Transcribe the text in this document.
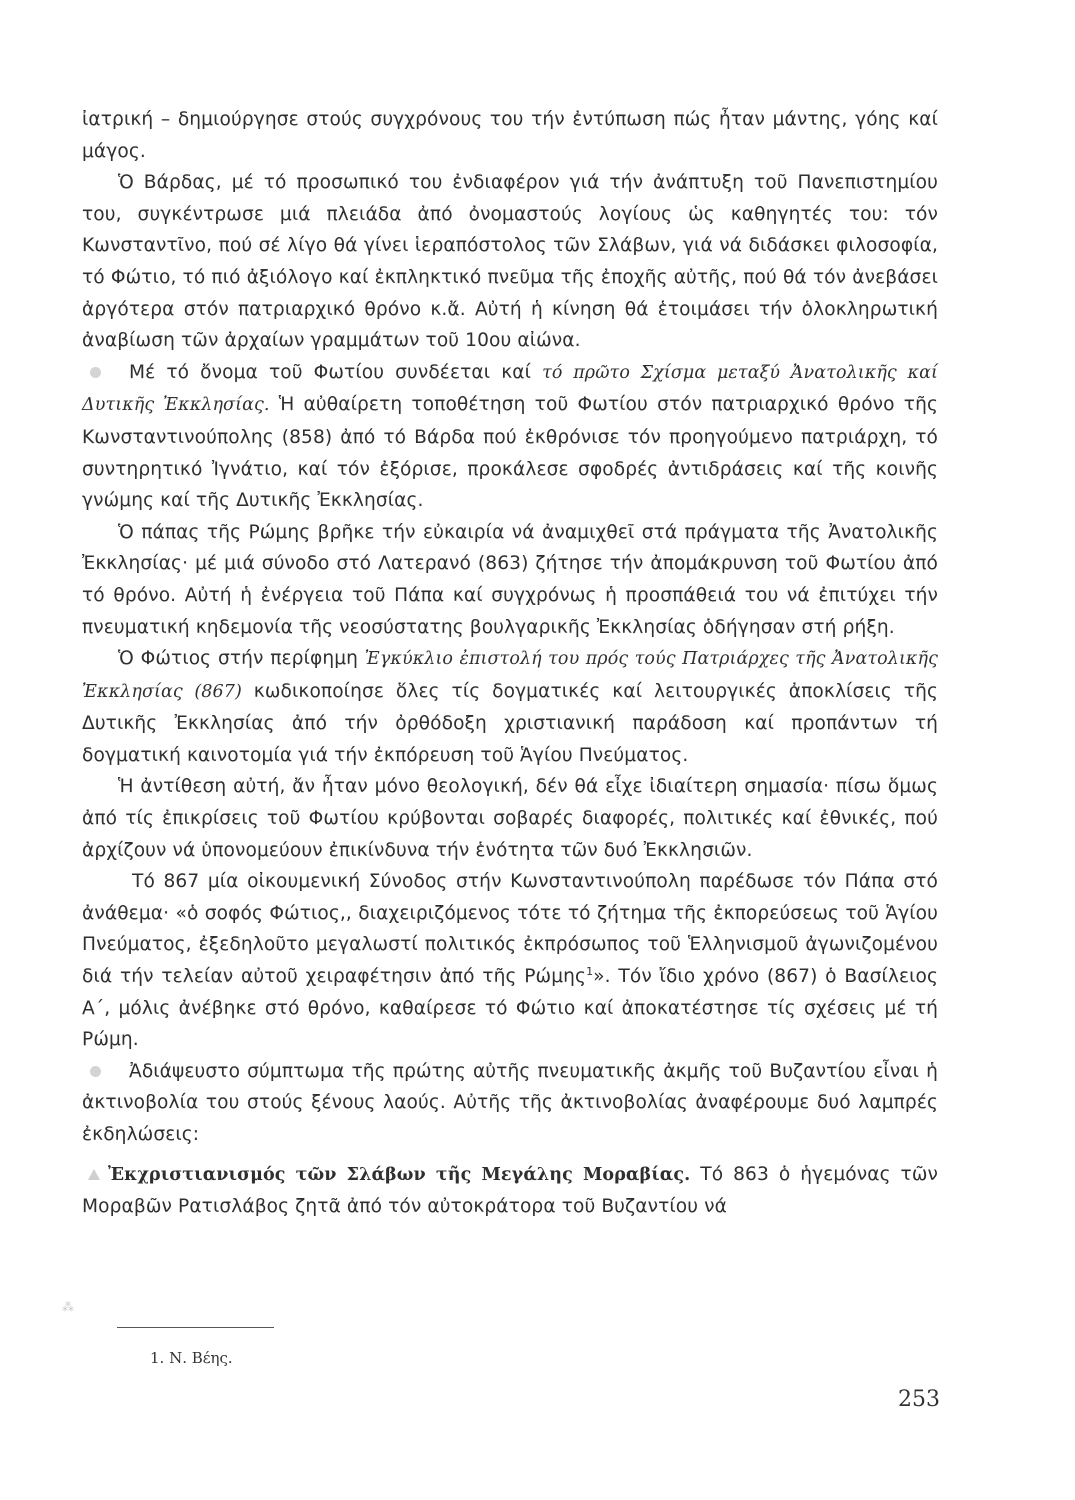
ἰατρική – δημιούργησε στούς συγχρόνους του τήν ἐντύπωση πώς ἦταν μάντης, γόης καί μάγος.

Ὁ Βάρδας, μέ τό προσωπικό του ἐνδιαφέρον γιά τήν ἀνάπτυξη τοῦ Πανεπιστημίου του, συγκέντρωσε μιά πλειάδα ἀπό ὀνομαστούς λογίους ὡς καθηγητές του: τόν Κωνσταντῖνο, πού σέ λίγο θά γίνει ἱεραπόστολος τῶν Σλάβων, γιά νά διδάσκει φιλοσοφία, τό Φώτιο, τό πιό ἀξιόλογο καί ἐκπληκτικό πνεῦμα τῆς ἐποχῆς αὐτῆς, πού θά τόν ἀνεβάσει ἀργότερα στόν πατριαρχικό θρόνο κ.ἄ. Αὐτή ἡ κίνηση θά ἑτοιμάσει τήν ὁλοκληρωτική ἀναβίωση τῶν ἀρχαίων γραμμάτων τοῦ 10ου αἰώνα.

Μέ τό ὄνομα τοῦ Φωτίου συνδέεται καί τό πρῶτο Σχίσμα μεταξύ Ἀνατολικῆς καί Δυτικῆς Ἐκκλησίας. Ἡ αὐθαίρετη τοποθέτηση τοῦ Φωτίου στόν πατριαρχικό θρόνο τῆς Κωνσταντινούπολης (858) ἀπό τό Βάρδα πού ἐκθρόνισε τόν προηγούμενο πατριάρχη, τό συντηρητικό Ἰγνάτιο, καί τόν ἐξόρισε, προκάλεσε σφοδρές ἀντιδράσεις καί τῆς κοινῆς γνώμης καί τῆς Δυτικῆς Ἐκκλησίας.

Ὁ πάπας τῆς Ρώμης βρῆκε τήν εὐκαιρία νά ἀναμιχθεῖ στά πράγματα τῆς Ἀνατολικῆς Ἐκκλησίας· μέ μιά σύνοδο στό Λατερανό (863) ζήτησε τήν ἀπομάκρυνση τοῦ Φωτίου ἀπό τό θρόνο. Αὐτή ἡ ἐνέργεια τοῦ Πάπα καί συγχρόνως ἡ προσπάθειά του νά ἐπιτύχει τήν πνευματική κηδεμονία τῆς νεοσύστατης βουλγαρικῆς Ἐκκλησίας ὁδήγησαν στή ρήξη.

Ὁ Φώτιος στήν περίφημη Ἐγκύκλιο ἐπιστολή του πρός τούς Πατριάρχες τῆς Ἀνατολικῆς Ἐκκλησίας (867) κωδικοποίησε ὅλες τίς δογματικές καί λειτουργικές ἀποκλίσεις τῆς Δυτικῆς Ἐκκλησίας ἀπό τήν ὀρθόδοξη χριστιανική παράδοση καί προπάντων τή δογματική καινοτομία γιά τήν ἐκπόρευση τοῦ Ἁγίου Πνεύματος.

Ἡ ἀντίθεση αὐτή, ἄν ἦταν μόνο θεολογική, δέν θά εἶχε ἰδιαίτερη σημασία· πίσω ὅμως ἀπό τίς ἐπικρίσεις τοῦ Φωτίου κρύβονται σοβαρές διαφορές, πολιτικές καί ἐθνικές, πού ἀρχίζουν νά ὑπονομεύουν ἐπικίνδυνα τήν ἑνότητα τῶν δυό Ἐκκλησιῶν.

Τό 867 μία οἰκουμενική Σύνοδος στήν Κωνσταντινούπολη παρέδωσε τόν Πάπα στό ἀνάθεμα· «ὁ σοφός Φώτιος,, διαχειριζόμενος τότε τό ζήτημα τῆς ἐκπορεύσεως τοῦ Ἁγίου Πνεύματος, ἐξεδηλοῦτο μεγαλωστί πολιτικός ἐκπρόσωπος τοῦ Ἑλληνισμοῦ ἀγωνιζομένου διά τήν τελείαν αὐτοῦ χειραφέτησιν ἀπό τῆς Ρώμης$^1$». Τόν ἴδιο χρόνο (867) ὁ Βασίλειος Α΄, μόλις ἀνέβηκε στό θρόνο, καθαίρεσε τό Φώτιο καί ἀποκατέστησε τίς σχέσεις μέ τή Ρώμη.

Ἀδιάψευστο σύμπτωμα τῆς πρώτης αὐτῆς πνευματικῆς ἀκμῆς τοῦ Βυζαντίου εἶναι ἡ ἀκτινοβολία του στούς ξένους λαούς. Αὐτῆς τῆς ἀκτινοβολίας ἀναφέρουμε δυό λαμπρές ἐκδηλώσεις:

Ἐκχριστιανισμός τῶν Σλάβων τῆς Μεγάλης Μοραβίας. Τό 863 ὁ ἡγεμόνας τῶν Μοραβῶν Ρατισλάβος ζητᾶ ἀπό τόν αὐτοκράτορα τοῦ Βυζαντίου νά

⁂
1. Ν. Βέης.
253
